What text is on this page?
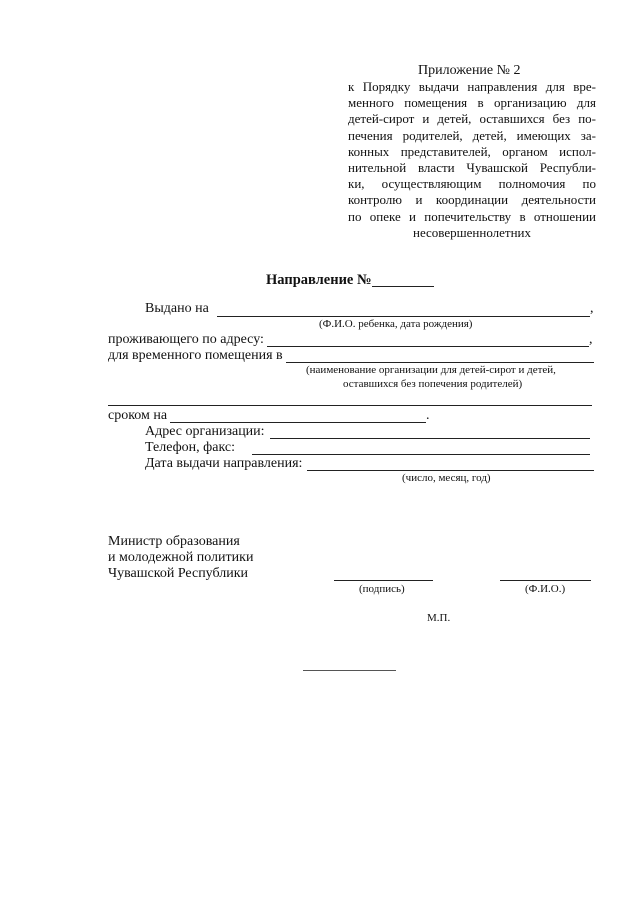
Приложение № 2
к Порядку выдачи направления для вре-
менного помещения в организацию для
детей-сирот и детей, оставшихся без по-
печения родителей, детей, имеющих за-
конных представителей, органом испол-
нительной власти Чувашской Республи-
ки, осуществляющим полномочия по
контролю и координации деятельности
по опеке и попечительству в отношении
несовершеннолетних
Направление №
Выдано на	,
(Ф.И.О. ребенка, дата рождения)
проживающего по адресу:	,
для временного помещения в
(наименование организации для детей-сирот и детей,
оставшихся без попечения родителей)
сроком на	.
Адрес организации:
Телефон, факс:
Дата выдачи направления:
(число, месяц, год)
Министр образования
и молодежной политики
Чувашской Республики
(подпись)	(Ф.И.О.)
М.П.
